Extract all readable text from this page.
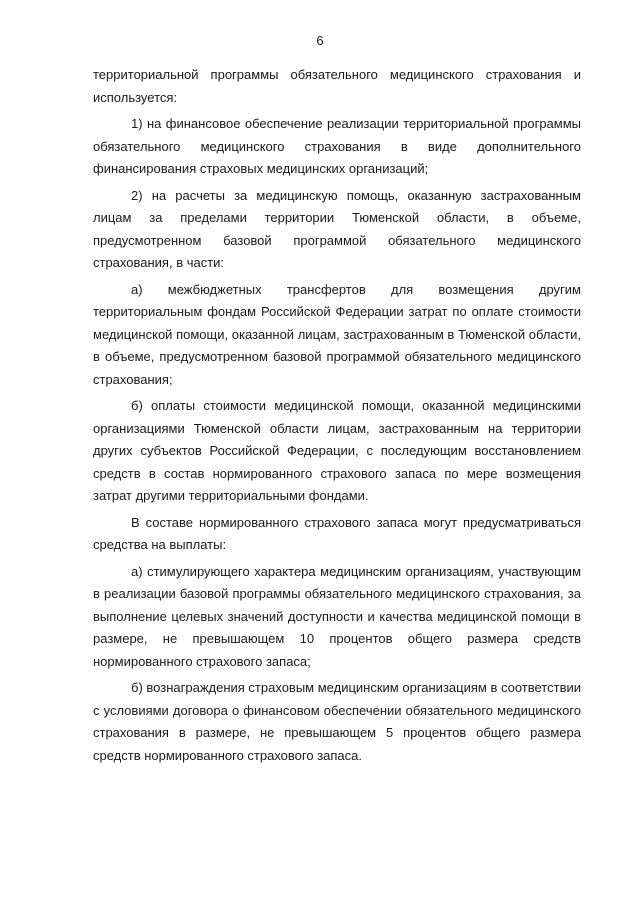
6

территориальной программы обязательного медицинского страхования и используется:

1) на финансовое обеспечение реализации территориальной программы обязательного медицинского страхования в виде дополнительного финансирования страховых медицинских организаций;

2) на расчеты за медицинскую помощь, оказанную застрахованным лицам за пределами территории Тюменской области, в объеме, предусмотренном базовой программой обязательного медицинского страхования, в части:

а) межбюджетных трансфертов для возмещения другим территориальным фондам Российской Федерации затрат по оплате стоимости медицинской помощи, оказанной лицам, застрахованным в Тюменской области, в объеме, предусмотренном базовой программой обязательного медицинского страхования;

б) оплаты стоимости медицинской помощи, оказанной медицинскими организациями Тюменской области лицам, застрахованным на территории других субъектов Российской Федерации, с последующим восстановлением средств в состав нормированного страхового запаса по мере возмещения затрат другими территориальными фондами.

В составе нормированного страхового запаса могут предусматриваться средства на выплаты:

а) стимулирующего характера медицинским организациям, участвующим в реализации базовой программы обязательного медицинского страхования, за выполнение целевых значений доступности и качества медицинской помощи в размере, не превышающем 10 процентов общего размера средств нормированного страхового запаса;

б) вознаграждения страховым медицинским организациям в соответствии с условиями договора о финансовом обеспечении обязательного медицинского страхования в размере, не превышающем 5 процентов общего размера средств нормированного страхового запаса.
